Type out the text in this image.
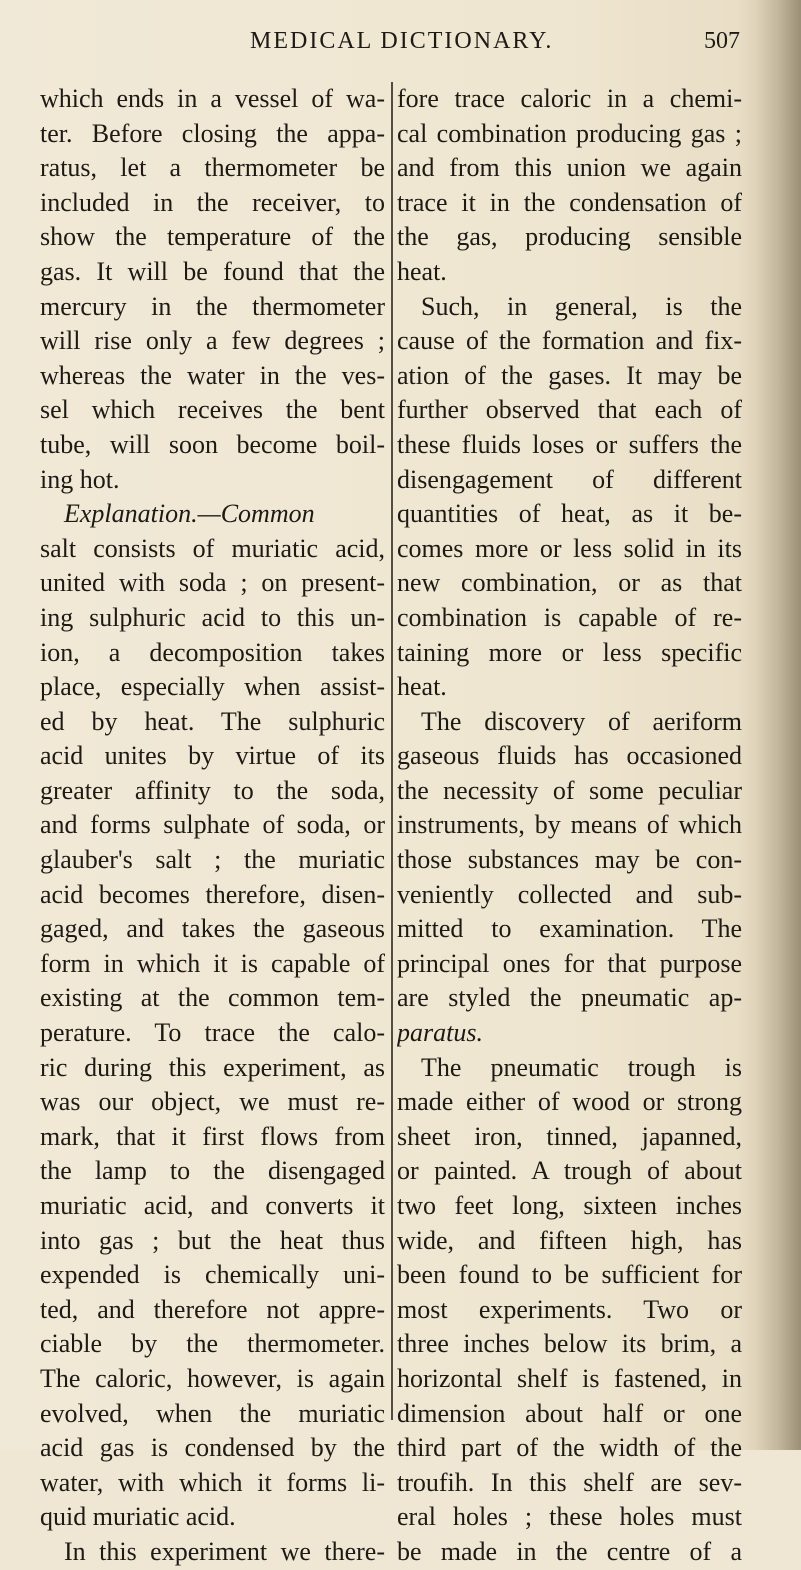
MEDICAL DICTIONARY.	507
which ends in a vessel of wa-
ter. Before closing the appa-
ratus, let a thermometer be
included in the receiver, to
show the temperature of the
gas. It will be found that the
mercury in the thermometer
will rise only a few degrees ;
whereas the water in the ves-
sel which receives the bent
tube, will soon become boil-
ing hot.
Explanation.—Common
salt consists of muriatic acid,
united with soda ; on present-
ing sulphuric acid to this un-
ion, a decomposition takes
place, especially when assist-
ed by heat. The sulphuric
acid unites by virtue of its
greater affinity to the soda,
and forms sulphate of soda, or
glauber's salt ; the muriatic
acid becomes therefore, disen-
gaged, and takes the gaseous
form in which it is capable of
existing at the common tem-
perature. To trace the calo-
ric during this experiment, as
was our object, we must re-
mark, that it first flows from
the lamp to the disengaged
muriatic acid, and converts it
into gas ; but the heat thus
expended is chemically uni-
ted, and therefore not appre-
ciable by the thermometer.
The caloric, however, is again
evolved, when the muriatic
acid gas is condensed by the
water, with which it forms li-
quid muriatic acid.
In this experiment we there-
fore trace caloric in a chemi-
cal combination producing gas ;
and from this union we again
trace it in the condensation of
the gas, producing sensible
heat.
Such, in general, is the
cause of the formation and fix-
ation of the gases. It may be
further observed that each of
these fluids loses or suffers the
disengagement of different
quantities of heat, as it be-
comes more or less solid in its
new combination, or as that
combination is capable of re-
taining more or less specific
heat.
The discovery of aeriform
gaseous fluids has occasioned
the necessity of some peculiar
instruments, by means of which
those substances may be con-
veniently collected and sub-
mitted to examination. The
principal ones for that purpose
are styled the pneumatic ap-
paratus.
The pneumatic trough is
made either of wood or strong
sheet iron, tinned, japanned,
or painted. A trough of about
two feet long, sixteen inches
wide, and fifteen high, has
been found to be sufficient for
most experiments. Two or
three inches below its brim, a
horizontal shelf is fastened, in
dimension about half or one
third part of the width of the
troufih. In this shelf are sev-
eral holes ; these holes must
be made in the centre of a
